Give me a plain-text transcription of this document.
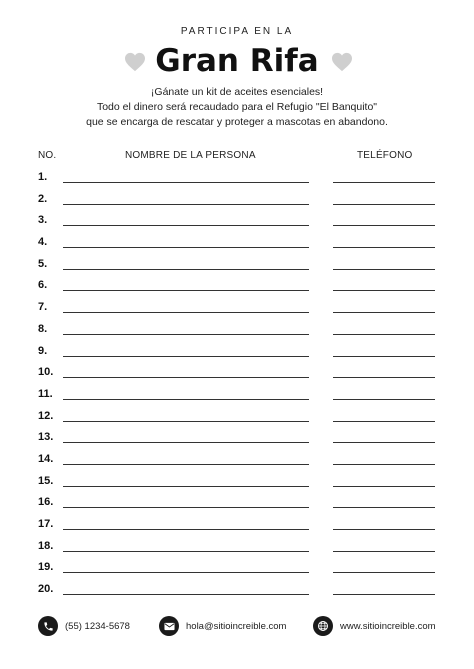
PARTICIPA EN LA
Gran Rifa
¡Gánate un kit de aceites esenciales!
Todo el dinero será recaudado para el Refugio "El Banquito"
que se encarga de rescatar y proteger a mascotas en abandono.
NO.	NOMBRE DE LA PERSONA	TELÉFONO
1.
2.
3.
4.
5.
6.
7.
8.
9.
10.
11.
12.
13.
14.
15.
16.
17.
18.
19.
20.
(55) 1234-5678	hola@sitioincreible.com	www.sitioincreible.com
